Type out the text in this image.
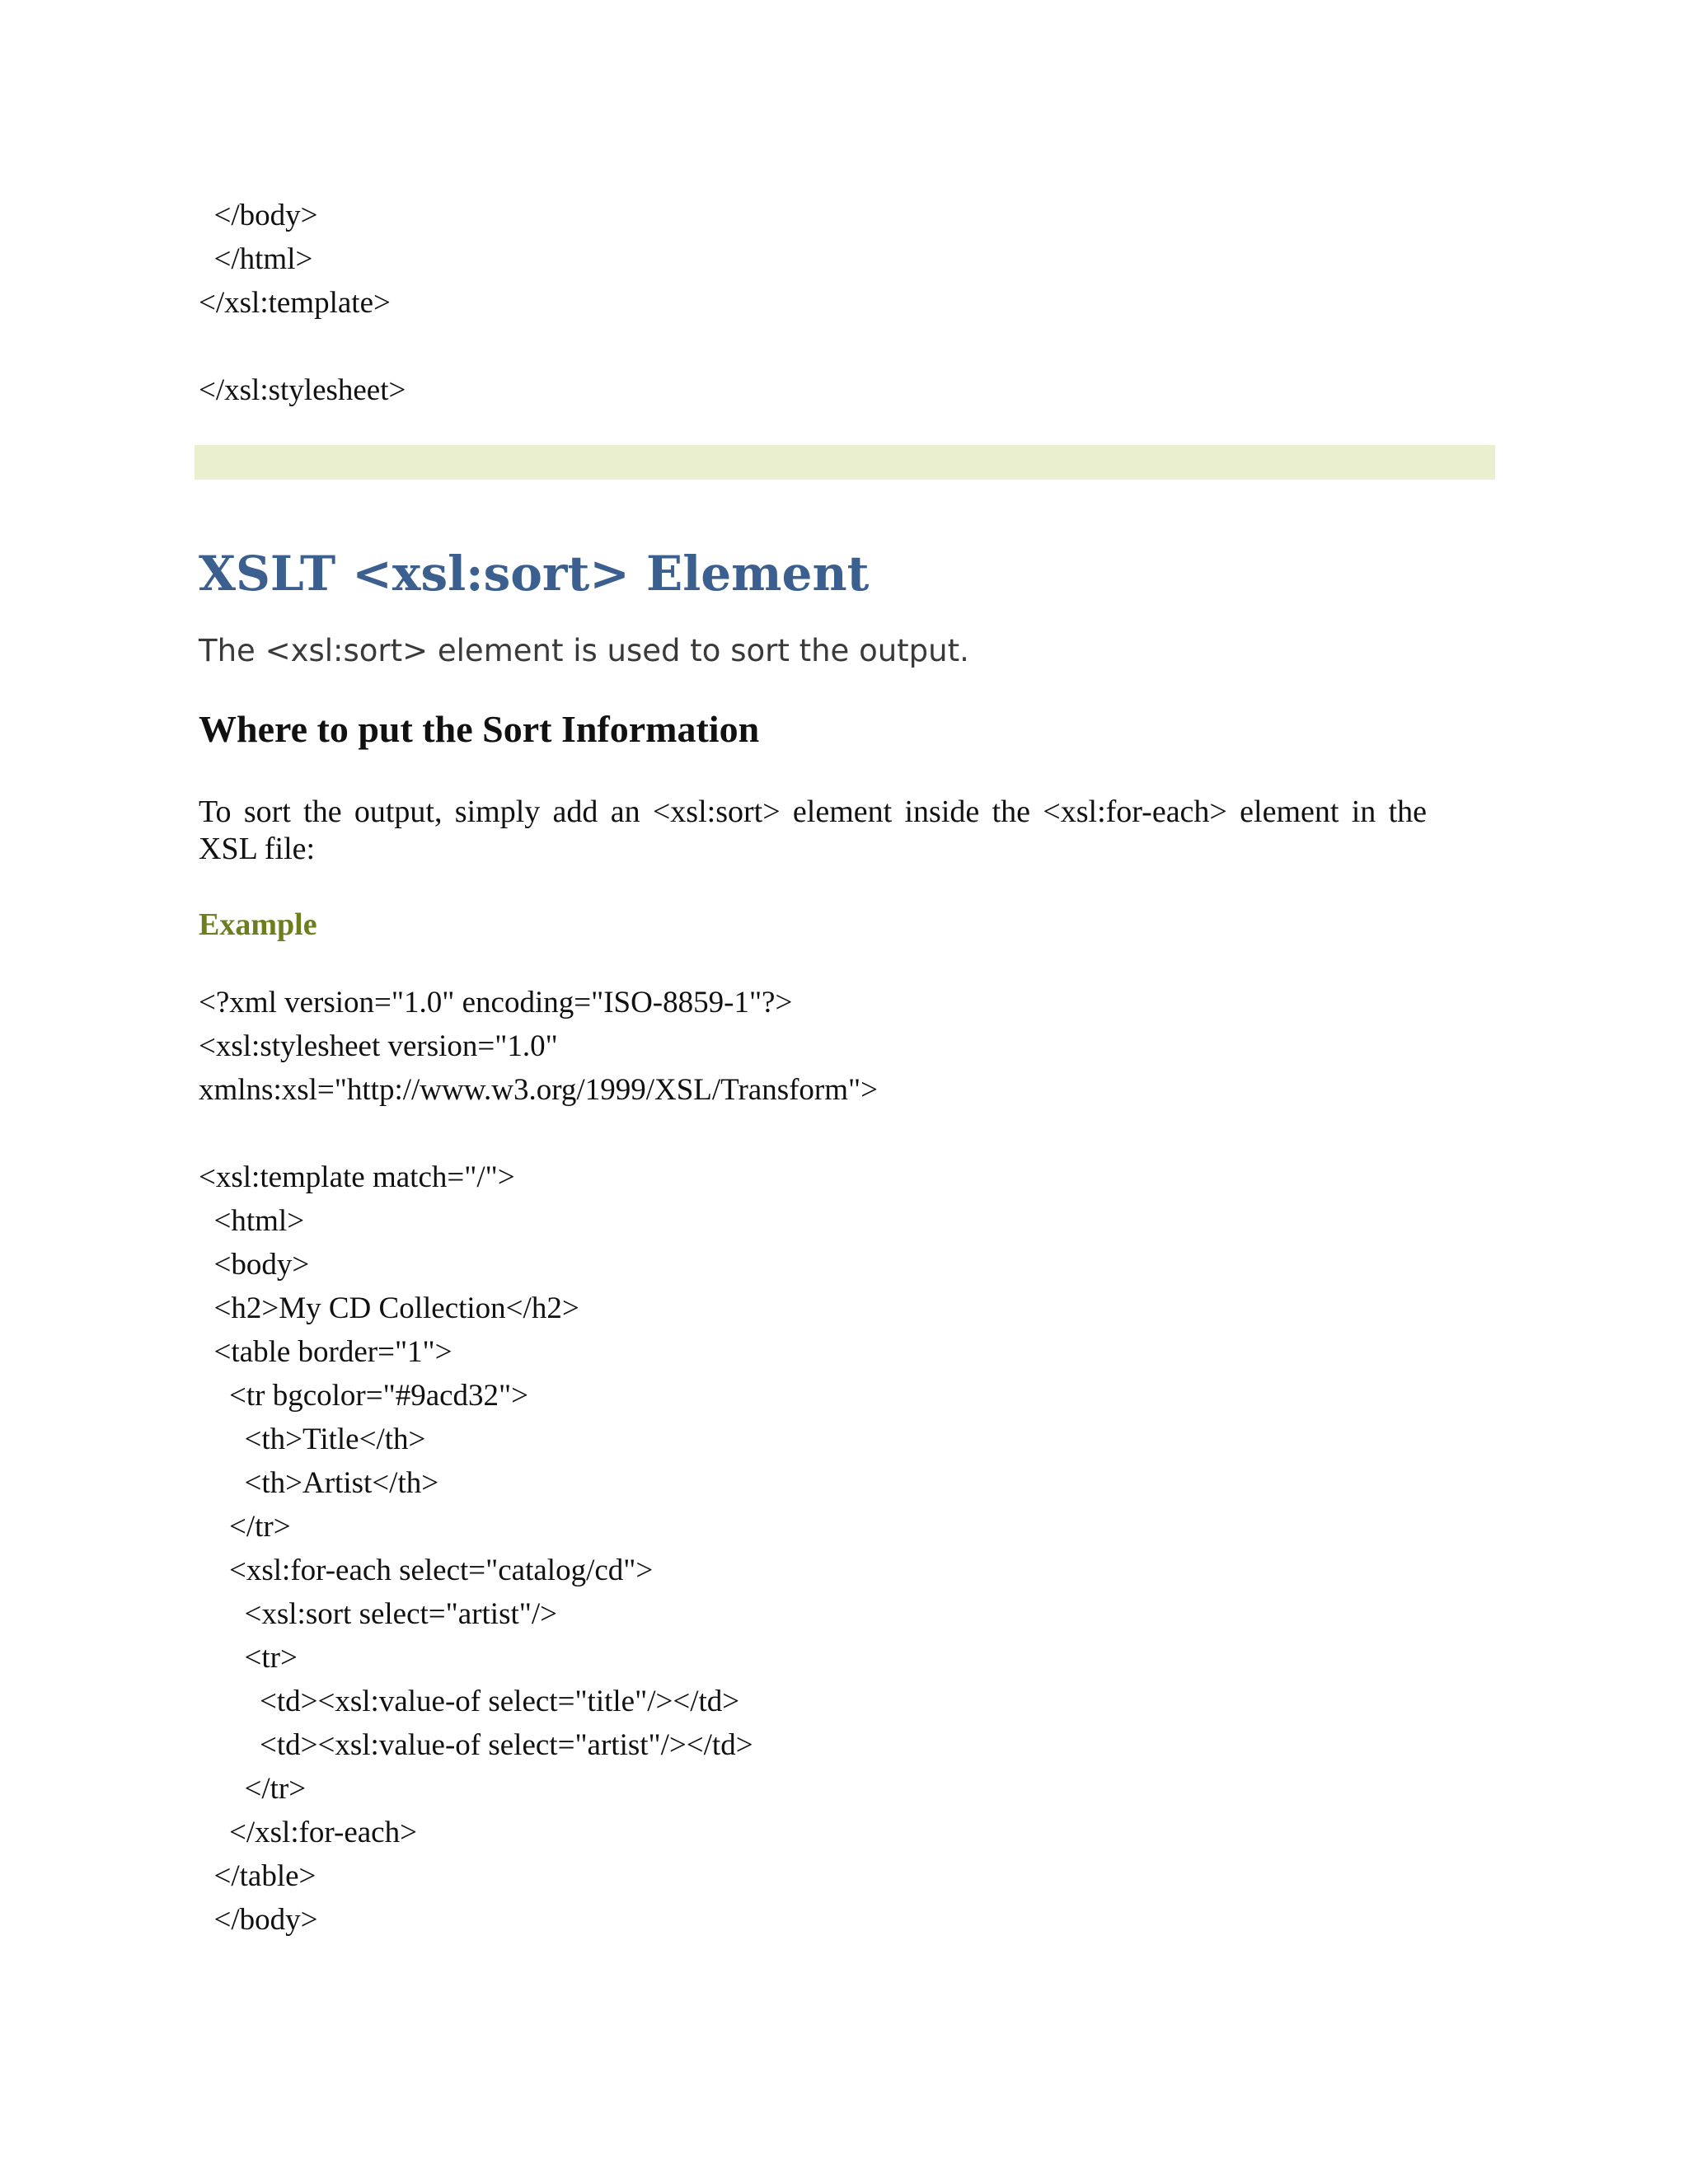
</body>
</html>
</xsl:template>
</xsl:stylesheet>
XSLT <xsl:sort> Element
The <xsl:sort> element is used to sort the output.
Where to put the Sort Information
To sort the output, simply add an <xsl:sort> element inside the <xsl:for-each> element in the
XSL file:
Example
<?xml version="1.0" encoding="ISO-8859-1"?>
<xsl:stylesheet version="1.0"
xmlns:xsl="http://www.w3.org/1999/XSL/Transform">
<xsl:template match="/">
<html>
<body>
<h2>My CD Collection</h2>
<table border="1">
<tr bgcolor="#9acd32">
<th>Title</th>
<th>Artist</th>
</tr>
<xsl:for-each select="catalog/cd">
<xsl:sort select="artist"/>
<tr>
<td><xsl:value-of select="title"/></td>
<td><xsl:value-of select="artist"/></td>
</tr>
</xsl:for-each>
</table>
</body>
